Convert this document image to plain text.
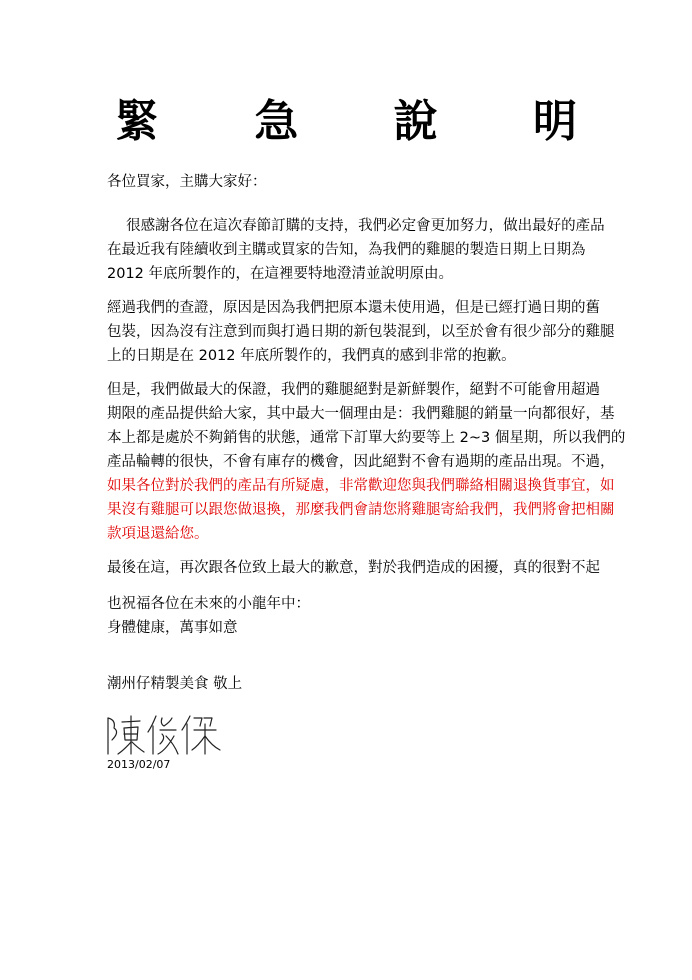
緊 急 說 明
各位買家，主購大家好：
　 很感謝各位在這次春節訂購的支持，我們必定會更加努力，做出最好的產品
在最近我有陸續收到主購或買家的告知，為我們的雞腿的製造日期上日期為
2012 年底所製作的，在這裡要特地澄清並說明原由。
經過我們的查證，原因是因為我們把原本還未使用過，但是已經打過日期的舊
包裝，因為沒有注意到而與打過日期的新包裝混到，以至於會有很少部分的雞腿
上的日期是在 2012 年底所製作的，我們真的感到非常的抱歉。
但是，我們做最大的保證，我們的雞腿絕對是新鮮製作，絕對不可能會用超過
期限的產品提供給大家，其中最大一個理由是：我們雞腿的銷量一向都很好，基
本上都是處於不夠銷售的狀態，通常下訂單大約要等上 2~3 個星期，所以我們的
產品輪轉的很快，不會有庫存的機會，因此絕對不會有過期的產品出現。不過，
如果各位對於我們的產品有所疑慮，非常歡迎您與我們聯絡相關退換貨事宜，如
果沒有雞腿可以跟您做退換，那麼我們會請您將雞腿寄給我們，我們將會把相關
款項退還給您。
最後在這，再次跟各位致上最大的歉意，對於我們造成的困擾，真的很對不起
也祝福各位在未來的小龍年中：
身體健康，萬事如意
潮州仔精製美食 敬上
2013/02/07
